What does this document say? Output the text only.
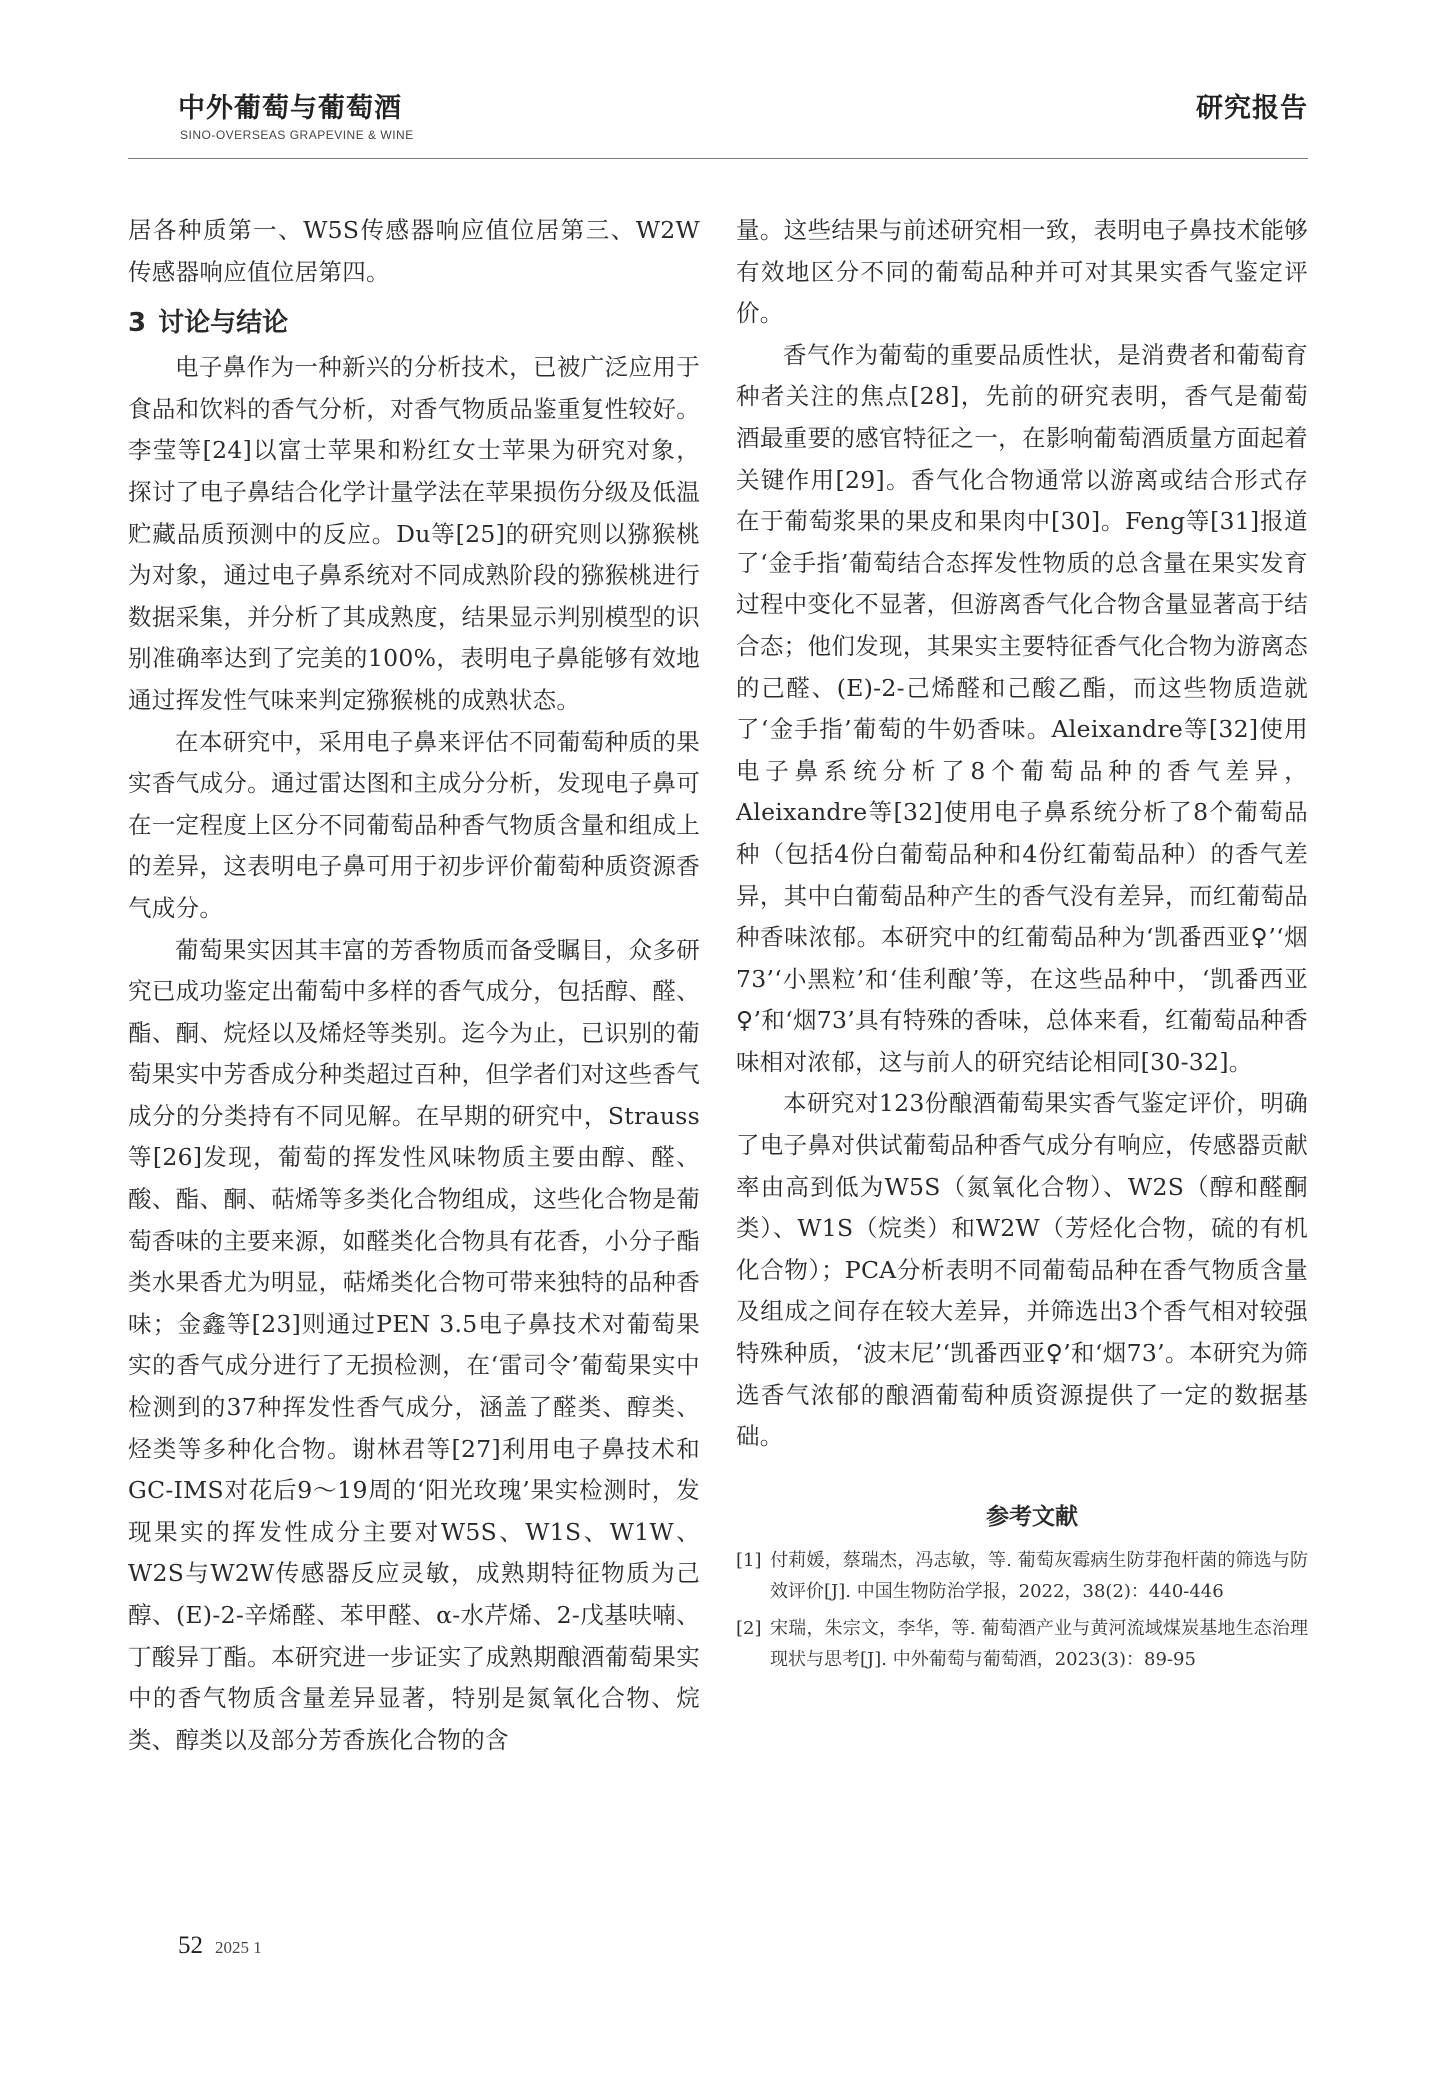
中外葡萄与葡萄酒
SINO-OVERSEAS GRAPEVINE & WINE
研究报告

居各种质第一、W5S传感器响应值位居第三、W2W传感器响应值位居第四。

3 讨论与结论

电子鼻作为一种新兴的分析技术，已被广泛应用于食品和饮料的香气分析，对香气物质品鉴重复性较好。李莹等[24]以富士苹果和粉红女士苹果为研究对象，探讨了电子鼻结合化学计量学法在苹果损伤分级及低温贮藏品质预测中的反应。Du等[25]的研究则以猕猴桃为对象，通过电子鼻系统对不同成熟阶段的猕猴桃进行数据采集，并分析了其成熟度，结果显示判别模型的识别准确率达到了完美的100%，表明电子鼻能够有效地通过挥发性气味来判定猕猴桃的成熟状态。

在本研究中，采用电子鼻来评估不同葡萄种质的果实香气成分。通过雷达图和主成分分析，发现电子鼻可在一定程度上区分不同葡萄品种香气物质含量和组成上的差异，这表明电子鼻可用于初步评价葡萄种质资源香气成分。

葡萄果实因其丰富的芳香物质而备受瞩目，众多研究已成功鉴定出葡萄中多样的香气成分，包括醇、醛、酯、酮、烷烃以及烯烃等类别。迄今为止，已识别的葡萄果实中芳香成分种类超过百种，但学者们对这些香气成分的分类持有不同见解。在早期的研究中，Strauss等[26]发现，葡萄的挥发性风味物质主要由醇、醛、酸、酯、酮、萜烯等多类化合物组成，这些化合物是葡萄香味的主要来源，如醛类化合物具有花香，小分子酯类水果香尤为明显，萜烯类化合物可带来独特的品种香味；金鑫等[23]则通过PEN 3.5电子鼻技术对葡萄果实的香气成分进行了无损检测，在‘雷司令’葡萄果实中检测到的37种挥发性香气成分，涵盖了醛类、醇类、烃类等多种化合物。谢林君等[27]利用电子鼻技术和GC-IMS对花后9～19周的‘阳光玫瑰’果实检测时，发现果实的挥发性成分主要对W5S、W1S、W1W、W2S与W2W传感器反应灵敏，成熟期特征物质为己醇、(E)-2-辛烯醛、苯甲醛、α-水芹烯、2-戊基呋喃、丁酸异丁酯。本研究进一步证实了成熟期酿酒葡萄果实中的香气物质含量差异显著，特别是氮氧化合物、烷类、醇类以及部分芳香族化合物的含

量。这些结果与前述研究相一致，表明电子鼻技术能够有效地区分不同的葡萄品种并可对其果实香气鉴定评价。

香气作为葡萄的重要品质性状，是消费者和葡萄育种者关注的焦点[28]，先前的研究表明，香气是葡萄酒最重要的感官特征之一，在影响葡萄酒质量方面起着关键作用[29]。香气化合物通常以游离或结合形式存在于葡萄浆果的果皮和果肉中[30]。Feng等[31]报道了‘金手指’葡萄结合态挥发性物质的总含量在果实发育过程中变化不显著，但游离香气化合物含量显著高于结合态；他们发现，其果实主要特征香气化合物为游离态的己醛、(E)-2-己烯醛和己酸乙酯，而这些物质造就了‘金手指’葡萄的牛奶香味。Aleixandre等[32]使用电子鼻系统分析了8个葡萄品种的香气差异，Aleixandre等[32]使用电子鼻系统分析了8个葡萄品种（包括4份白葡萄品种和4份红葡萄品种）的香气差异，其中白葡萄品种产生的香气没有差异，而红葡萄品种香味浓郁。本研究中的红葡萄品种为‘凯番西亚♀’‘烟73’‘小黑粒’和‘佳利酿’等，在这些品种中，‘凯番西亚♀’和‘烟73’具有特殊的香味，总体来看，红葡萄品种香味相对浓郁，这与前人的研究结论相同[30-32]。

本研究对123份酿酒葡萄果实香气鉴定评价，明确了电子鼻对供试葡萄品种香气成分有响应，传感器贡献率由高到低为W5S（氮氧化合物）、W2S（醇和醛酮类）、W1S（烷类）和W2W（芳烃化合物，硫的有机化合物）；PCA分析表明不同葡萄品种在香气物质含量及组成之间存在较大差异，并筛选出3个香气相对较强特殊种质，‘波末尼’‘凯番西亚♀’和‘烟73’。本研究为筛选香气浓郁的酿酒葡萄种质资源提供了一定的数据基础。

参考文献

[1] 付莉媛，蔡瑞杰，冯志敏，等. 葡萄灰霉病生防芽孢杆菌的筛选与防效评价[J]. 中国生物防治学报，2022，38(2)：440-446

[2] 宋瑞，朱宗文，李华，等. 葡萄酒产业与黄河流域煤炭基地生态治理现状与思考[J]. 中外葡萄与葡萄酒，2023(3)：89-95

52 2025 1
